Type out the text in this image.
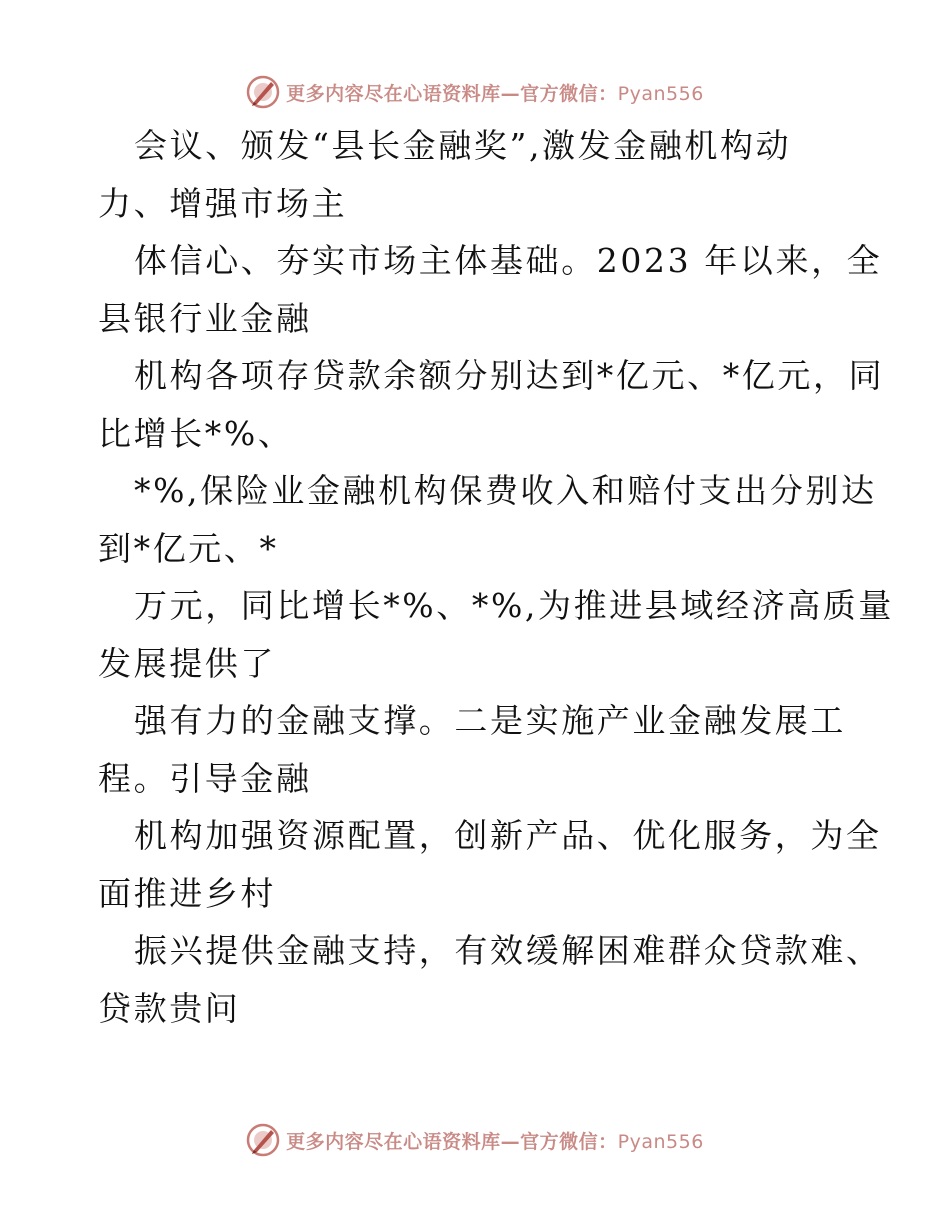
更多内容尽在心语资料库—官方微信：Pyan556
会议、颁发“县长金融奖”,激发金融机构动
力、增强市场主
体信心、夯实市场主体基础。2023 年以来，全
县银行业金融
机构各项存贷款余额分别达到*亿元、*亿元，同
比增长*%、
*%,保险业金融机构保费收入和赔付支出分别达
到*亿元、*
万元，同比增长*%、*%,为推进县域经济高质量
发展提供了
强有力的金融支撑。二是实施产业金融发展工
程。引导金融
机构加强资源配置，创新产品、优化服务，为全
面推进乡村
振兴提供金融支持，有效缓解困难群众贷款难、
贷款贵问
更多内容尽在心语资料库—官方微信：Pyan556
